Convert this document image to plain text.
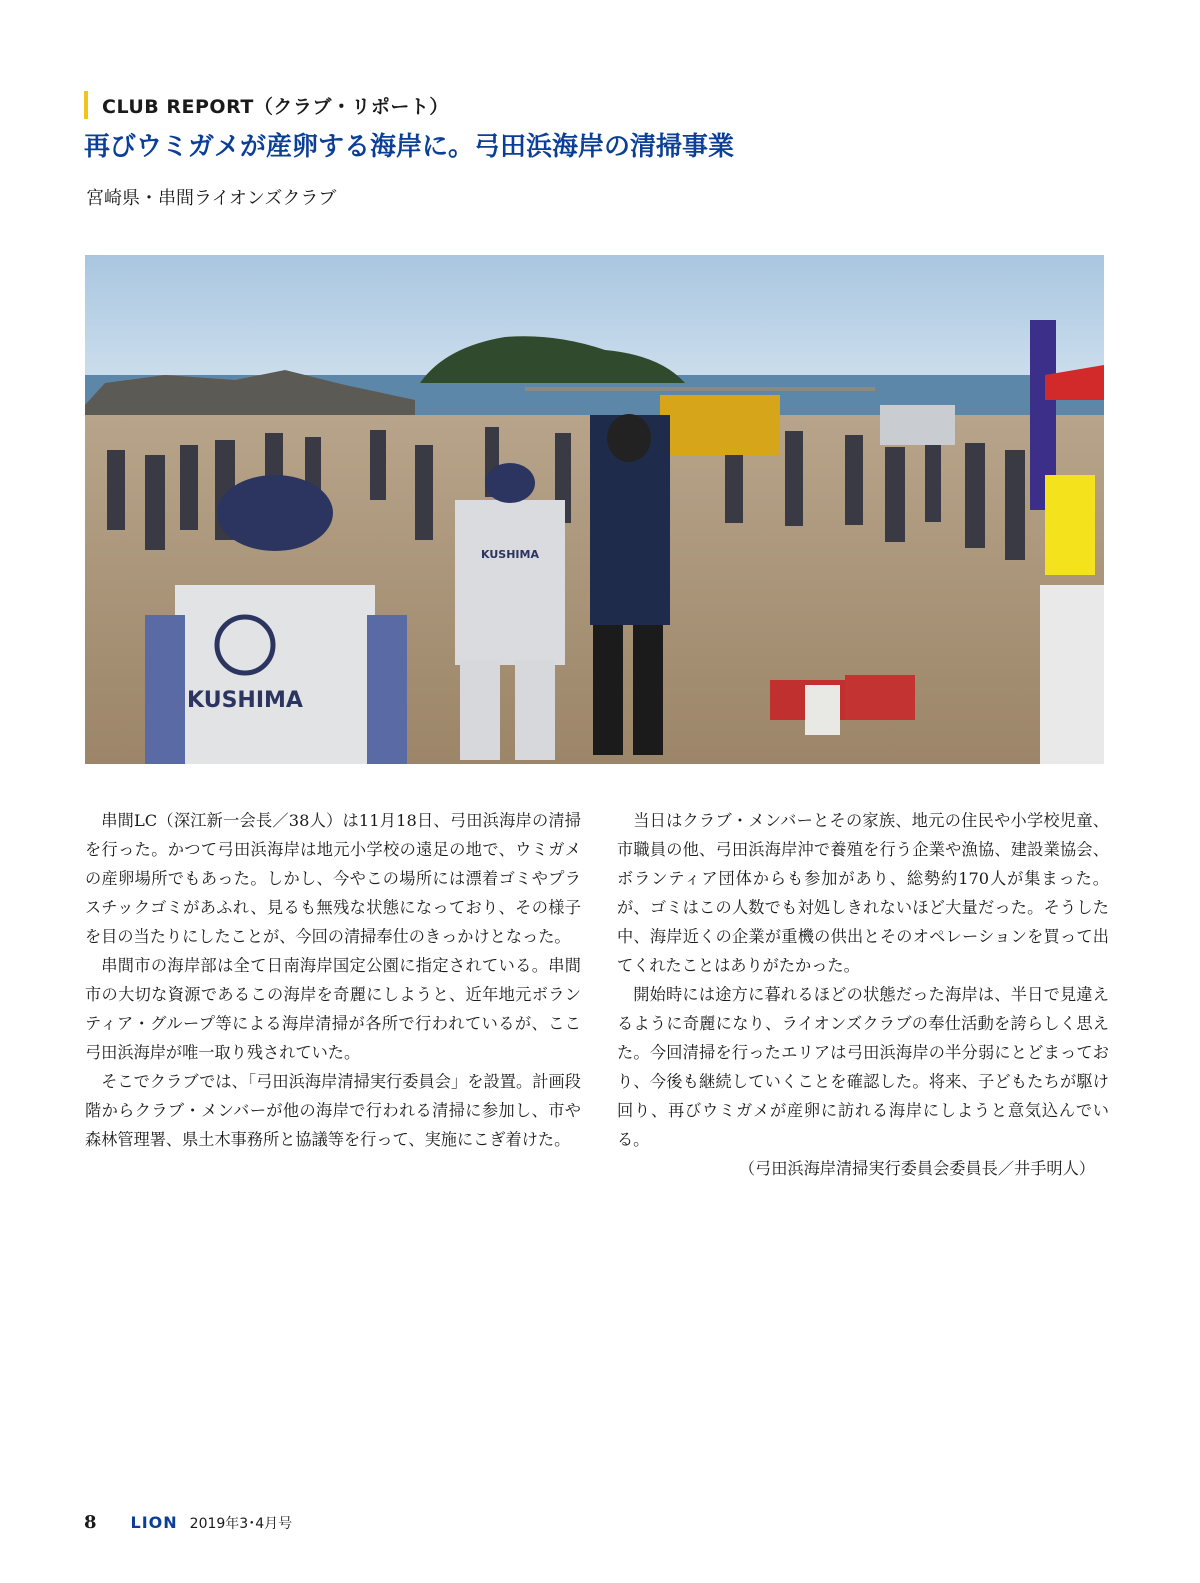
CLUB REPORT（クラブ・リポート）
再びウミガメが産卵する海岸に。弓田浜海岸の清掃事業
宮崎県・串間ライオンズクラブ
KUSHIMA
KUSHIMA

串間LC（深江新一会長／38人）は11月18日、弓田浜海岸の清掃を行った。かつて弓田浜海岸は地元小学校の遠足の地で、ウミガメの産卵場所でもあった。しかし、今やこの場所には漂着ゴミやプラスチックゴミがあふれ、見るも無残な状態になっており、その様子を目の当たりにしたことが、今回の清掃奉仕のきっかけとなった。

串間市の海岸部は全て日南海岸国定公園に指定されている。串間市の大切な資源であるこの海岸を奇麗にしようと、近年地元ボランティア・グループ等による海岸清掃が各所で行われているが、ここ弓田浜海岸が唯一取り残されていた。

そこでクラブでは、「弓田浜海岸清掃実行委員会」を設置。計画段階からクラブ・メンバーが他の海岸で行われる清掃に参加し、市や森林管理署、県土木事務所と協議等を行って、実施にこぎ着けた。

当日はクラブ・メンバーとその家族、地元の住民や小学校児童、市職員の他、弓田浜海岸沖で養殖を行う企業や漁協、建設業協会、ボランティア団体からも参加があり、総勢約170人が集まった。が、ゴミはこの人数でも対処しきれないほど大量だった。そうした中、海岸近くの企業が重機の供出とそのオペレーションを買って出てくれたことはありがたかった。

開始時には途方に暮れるほどの状態だった海岸は、半日で見違えるように奇麗になり、ライオンズクラブの奉仕活動を誇らしく思えた。今回清掃を行ったエリアは弓田浜海岸の半分弱にとどまっており、今後も継続していくことを確認した。将来、子どもたちが駆け回り、再びウミガメが産卵に訪れる海岸にしようと意気込んでいる。

（弓田浜海岸清掃実行委員会委員長／井手明人）

8 LION 2019年3･4月号
